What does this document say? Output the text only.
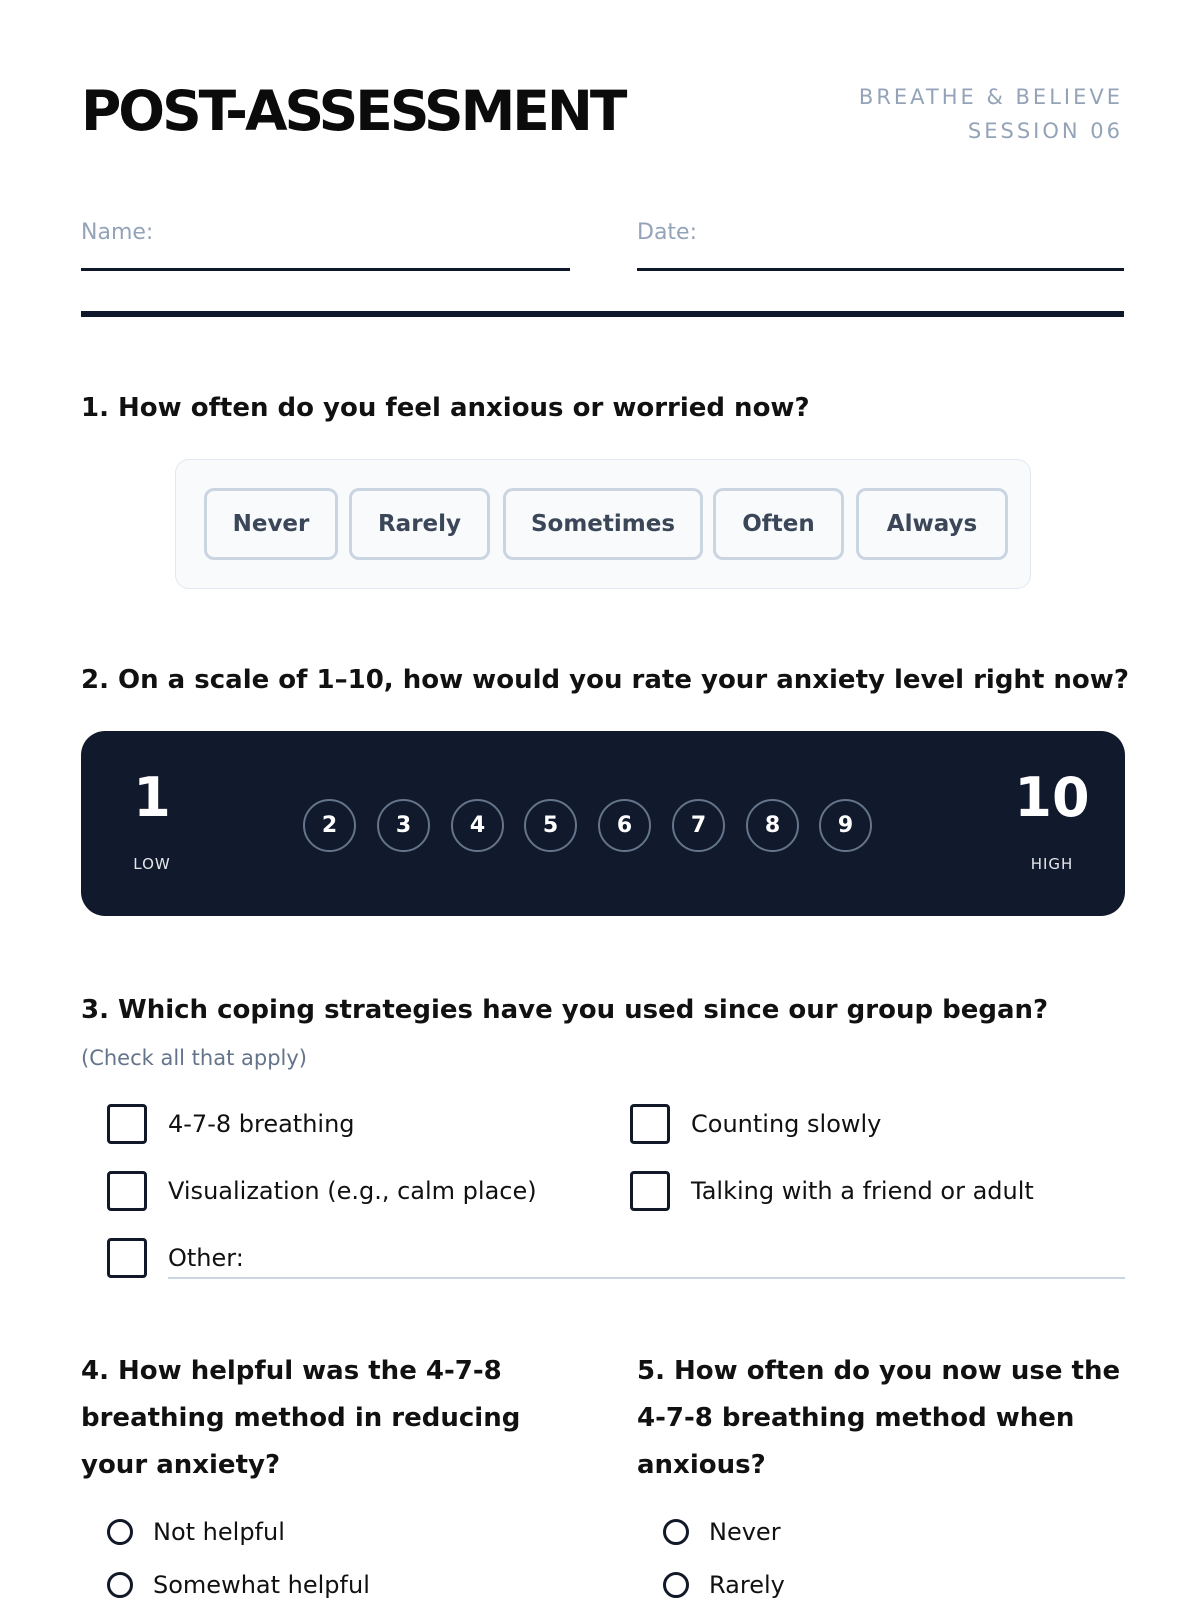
POST-ASSESSMENT	BREATHE & BELIEVE
SESSION 06
Name:	Date:
1. How often do you feel anxious or worried now?
Never	Rarely	Sometimes	Often	Always
2. On a scale of 1–10, how would you rate your anxiety level right now?
1
LOW
2	3	4	5	6	7	8	9	10
HIGH
3. Which coping strategies have you used since our group began? (Check all that apply)
4-7-8 breathing	Counting slowly
Visualization (e.g., calm place)	Talking with a friend or adult
Other:
4. How helpful was the 4-7-8 breathing method in reducing your anxiety?
Not helpful
Somewhat helpful
5. How often do you now use the 4-7-8 breathing method when anxious?
Never
Rarely
